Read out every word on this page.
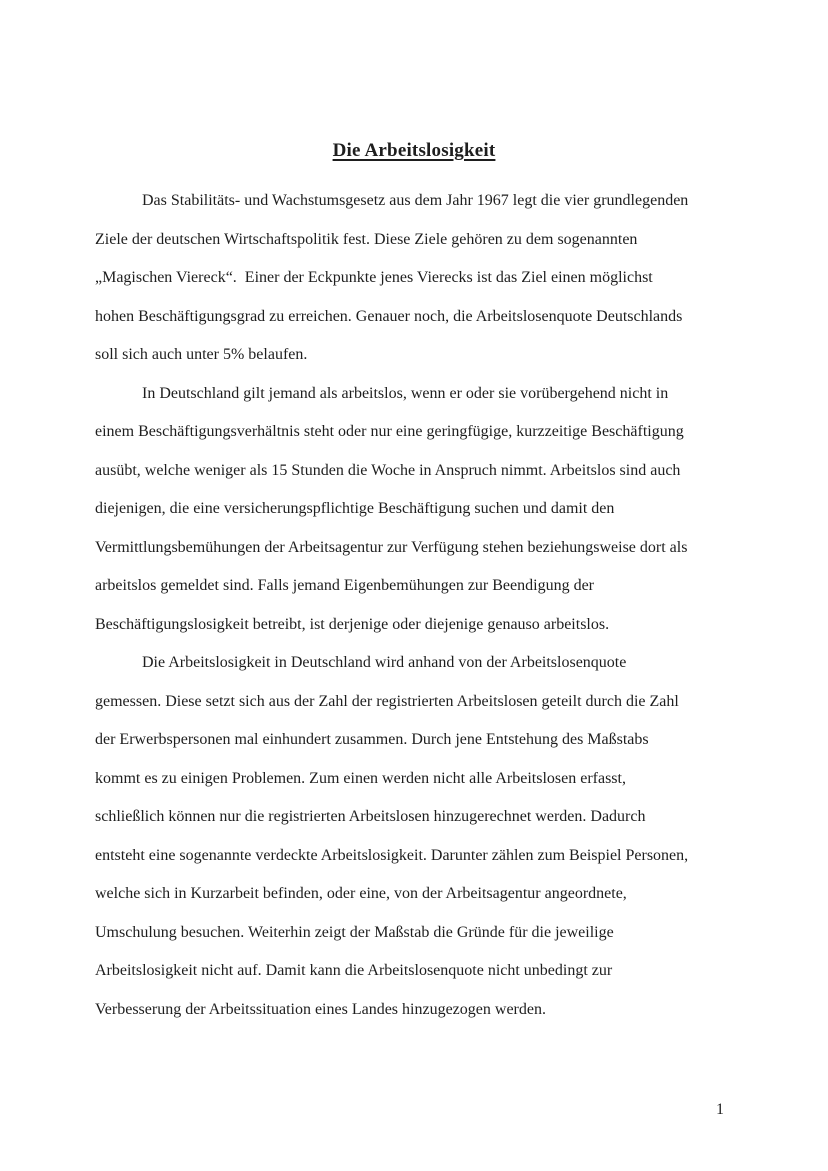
Die Arbeitslosigkeit
Das Stabilitäts- und Wachstumsgesetz aus dem Jahr 1967 legt die vier grundlegenden
Ziele der deutschen Wirtschaftspolitik fest. Diese Ziele gehören zu dem sogenannten
„Magischen Viereck“.  Einer der Eckpunkte jenes Vierecks ist das Ziel einen möglichst
hohen Beschäftigungsgrad zu erreichen. Genauer noch, die Arbeitslosenquote Deutschlands
soll sich auch unter 5% belaufen.
In Deutschland gilt jemand als arbeitslos, wenn er oder sie vorübergehend nicht in
einem Beschäftigungsverhältnis steht oder nur eine geringfügige, kurzzeitige Beschäftigung
ausübt, welche weniger als 15 Stunden die Woche in Anspruch nimmt. Arbeitslos sind auch
diejenigen, die eine versicherungspflichtige Beschäftigung suchen und damit den
Vermittlungsbemühungen der Arbeitsagentur zur Verfügung stehen beziehungsweise dort als
arbeitslos gemeldet sind. Falls jemand Eigenbemühungen zur Beendigung der
Beschäftigungslosigkeit betreibt, ist derjenige oder diejenige genauso arbeitslos.
Die Arbeitslosigkeit in Deutschland wird anhand von der Arbeitslosenquote
gemessen. Diese setzt sich aus der Zahl der registrierten Arbeitslosen geteilt durch die Zahl
der Erwerbspersonen mal einhundert zusammen. Durch jene Entstehung des Maßstabs
kommt es zu einigen Problemen. Zum einen werden nicht alle Arbeitslosen erfasst,
schließlich können nur die registrierten Arbeitslosen hinzugerechnet werden. Dadurch
entsteht eine sogenannte verdeckte Arbeitslosigkeit. Darunter zählen zum Beispiel Personen,
welche sich in Kurzarbeit befinden, oder eine, von der Arbeitsagentur angeordnete,
Umschulung besuchen. Weiterhin zeigt der Maßstab die Gründe für die jeweilige
Arbeitslosigkeit nicht auf. Damit kann die Arbeitslosenquote nicht unbedingt zur
Verbesserung der Arbeitssituation eines Landes hinzugezogen werden.
1
